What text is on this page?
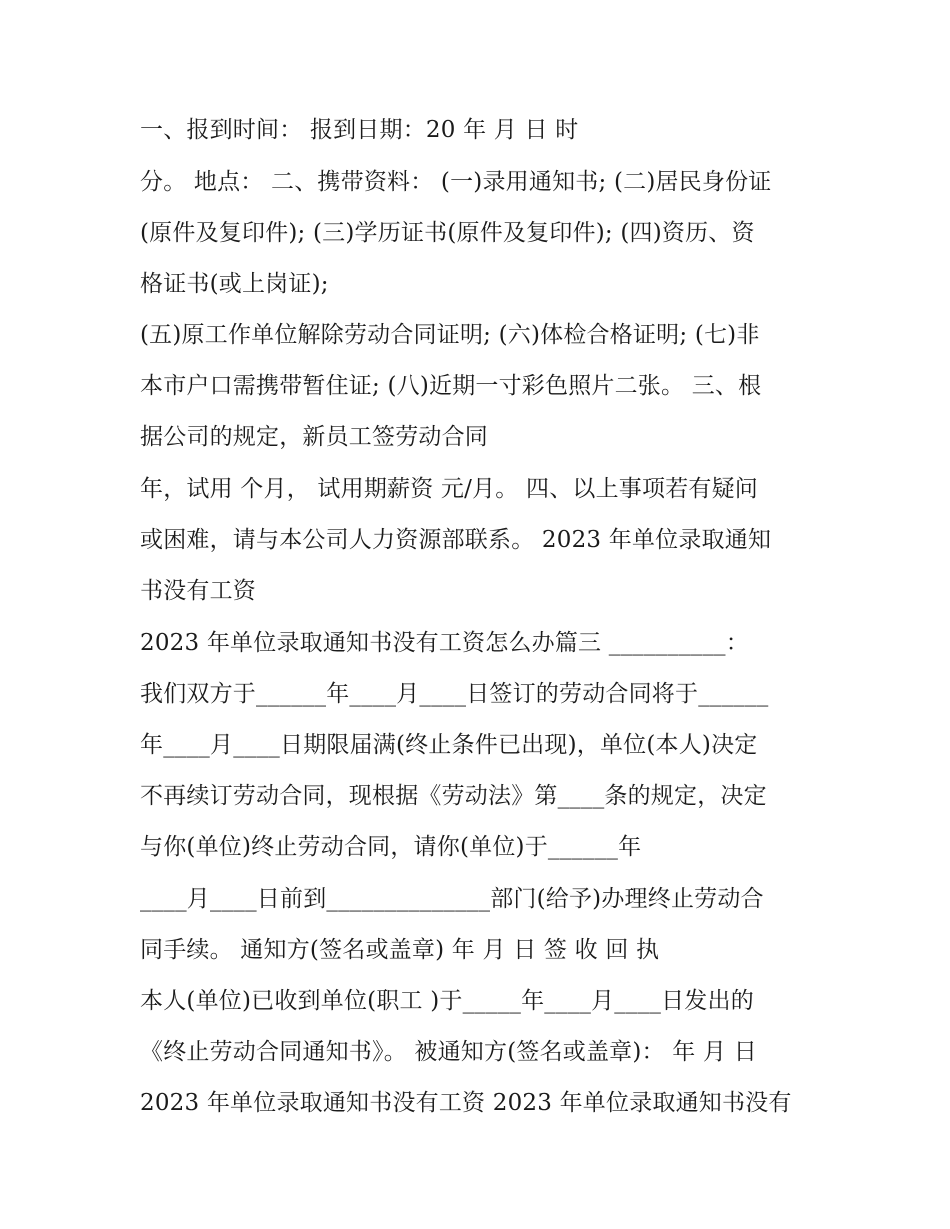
一、报到时间： 报到日期：20 年 月 日 时

分。 地点： 二、携带资料： (一)录用通知书; (二)居民身份证

(原件及复印件); (三)学历证书(原件及复印件); (四)资历、资

格证书(或上岗证);

(五)原工作单位解除劳动合同证明; (六)体检合格证明; (七)非

本市户口需携带暂住证; (八)近期一寸彩色照片二张。 三、根

据公司的规定，新员工签劳动合同

年，试用 个月， 试用期薪资 元/月。 四、以上事项若有疑问

或困难，请与本公司人力资源部联系。 2023 年单位录取通知

书没有工资

2023 年单位录取通知书没有工资怎么办篇三 __________：

我们双方于______年____月____日签订的劳动合同将于______

年____月____日期限届满(终止条件已出现)，单位(本人)决定

不再续订劳动合同，现根据《劳动法》第____条的规定，决定

与你(单位)终止劳动合同，请你(单位)于______年

____月____日前到______________部门(给予)办理终止劳动合

同手续。 通知方(签名或盖章) 年 月 日 签 收 回 执

本人(单位)已收到单位(职工 )于_____年____月____日发出的

《终止劳动合同通知书》。 被通知方(签名或盖章)： 年 月 日

2023 年单位录取通知书没有工资 2023 年单位录取通知书没有
